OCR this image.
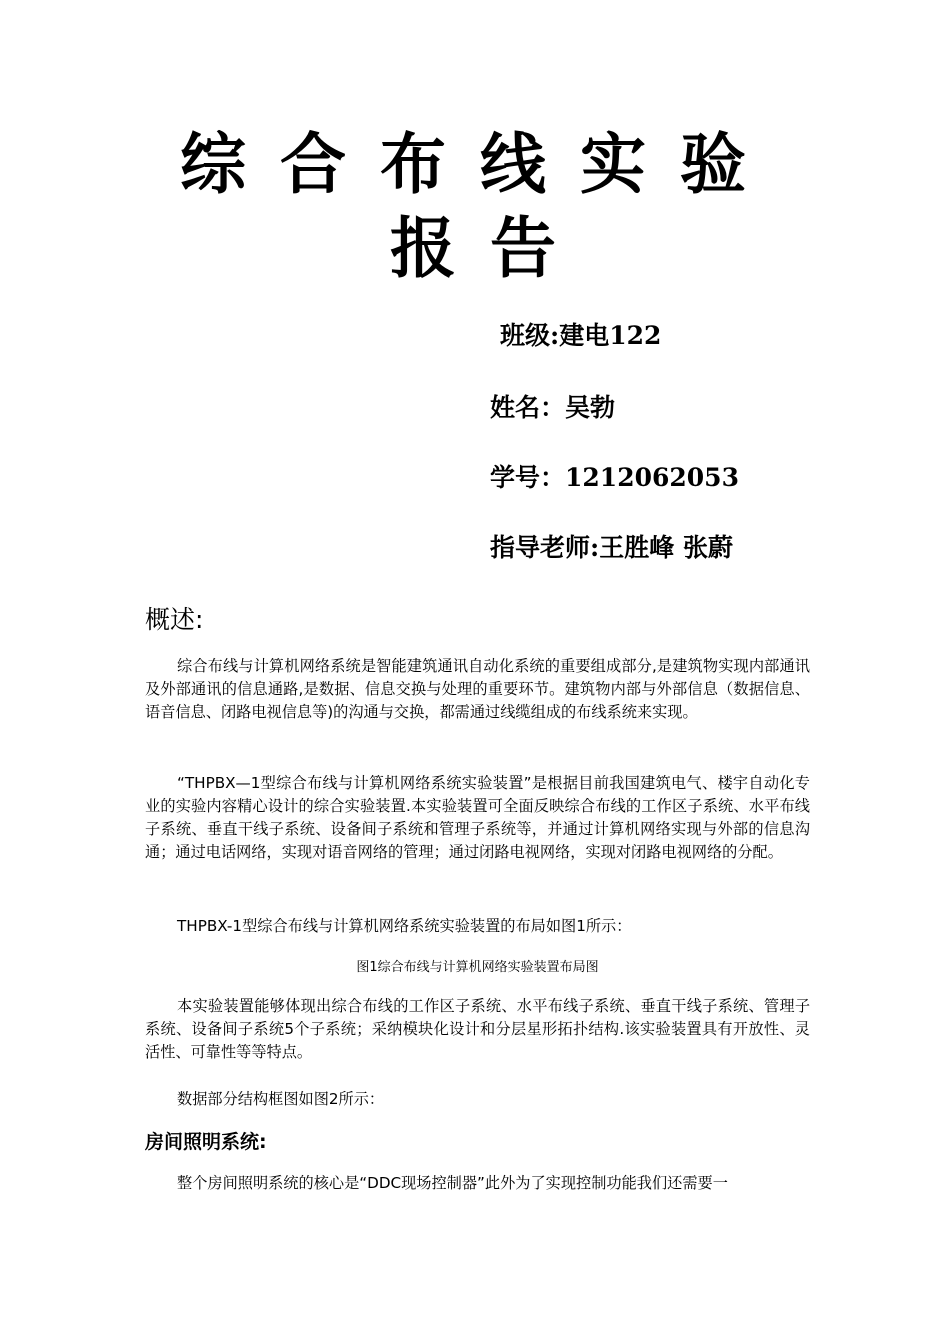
综合布线实验
报告
班级:建电122
姓名：吴勃
学号：1212062053
指导老师:王胜峰 张蔚
概述:

综合布线与计算机网络系统是智能建筑通讯自动化系统的重要组成部分,是建筑物实现内部通讯及外部通讯的信息通路,是数据、信息交换与处理的重要环节。建筑物内部与外部信息（数据信息、语音信息、闭路电视信息等)的沟通与交换，都需通过线缆组成的布线系统来实现。

“THPBX—1型综合布线与计算机网络系统实验装置”是根据目前我国建筑电气、楼宇自动化专业的实验内容精心设计的综合实验装置.本实验装置可全面反映综合布线的工作区子系统、水平布线子系统、垂直干线子系统、设备间子系统和管理子系统等，并通过计算机网络实现与外部的信息沟通；通过电话网络，实现对语音网络的管理；通过闭路电视网络，实现对闭路电视网络的分配。

THPBX-1型综合布线与计算机网络系统实验装置的布局如图1所示：

图1综合布线与计算机网络实验装置布局图

本实验装置能够体现出综合布线的工作区子系统、水平布线子系统、垂直干线子系统、管理子系统、设备间子系统5个子系统；采纳模块化设计和分层星形拓扑结构.该实验装置具有开放性、灵活性、可靠性等等特点。

数据部分结构框图如图2所示：

房间照明系统:

整个房间照明系统的核心是“DDC现场控制器”此外为了实现控制功能我们还需要一
